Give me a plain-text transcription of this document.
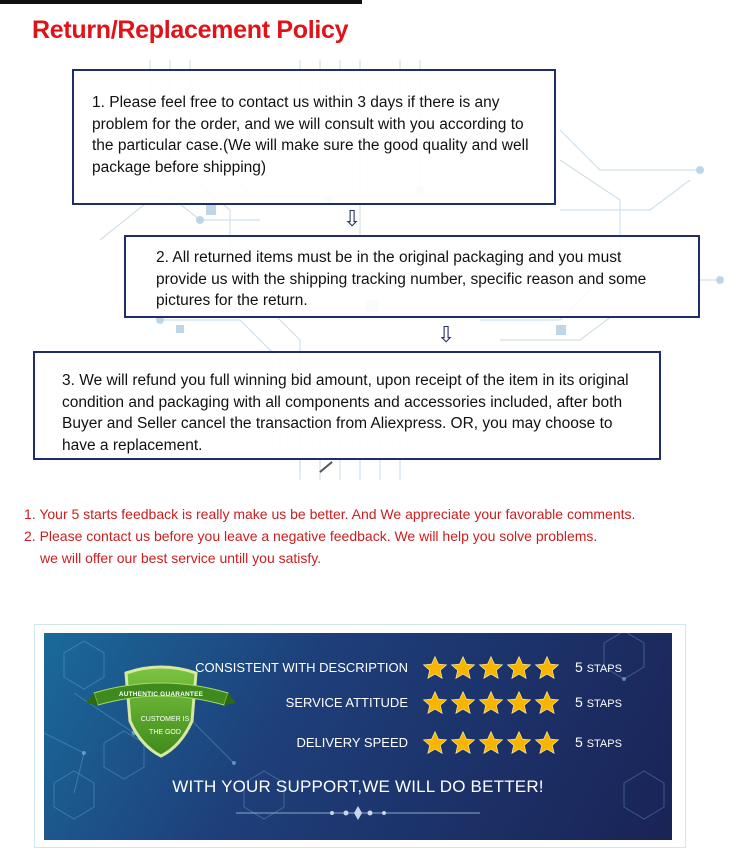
Return/Replacement Policy

1. Please feel free to contact us within 3 days if there is any problem for the order, and we will consult with you according to the particular case.(We will make sure the good quality and well package before shipping)

⇩

2. All returned items must be in the original packaging and you must provide us with the shipping tracking number, specific reason and some pictures for the return.

⇩

3. We will refund you full winning bid amount, upon receipt of the item in its original condition and packaging with all components and accessories included, after both Buyer and Seller cancel the transaction from Aliexpress. OR, you may choose to have a replacement.

1. Your 5 starts feedback is really make us be better. And We appreciate your favorable comments.
2. Please contact us before you leave a negative feedback. We will help you solve problems.
we will offer our best service untill you satisfy.
AUTHENTIC GUARANTEE
CUSTOMER IS
THE GOD
CONSISTENT WITH DESCRIPTION	5 STAPS
SERVICE ATTITUDE	5 STAPS
DELIVERY SPEED	5 STAPS
WITH YOUR SUPPORT,WE WILL DO BETTER!
